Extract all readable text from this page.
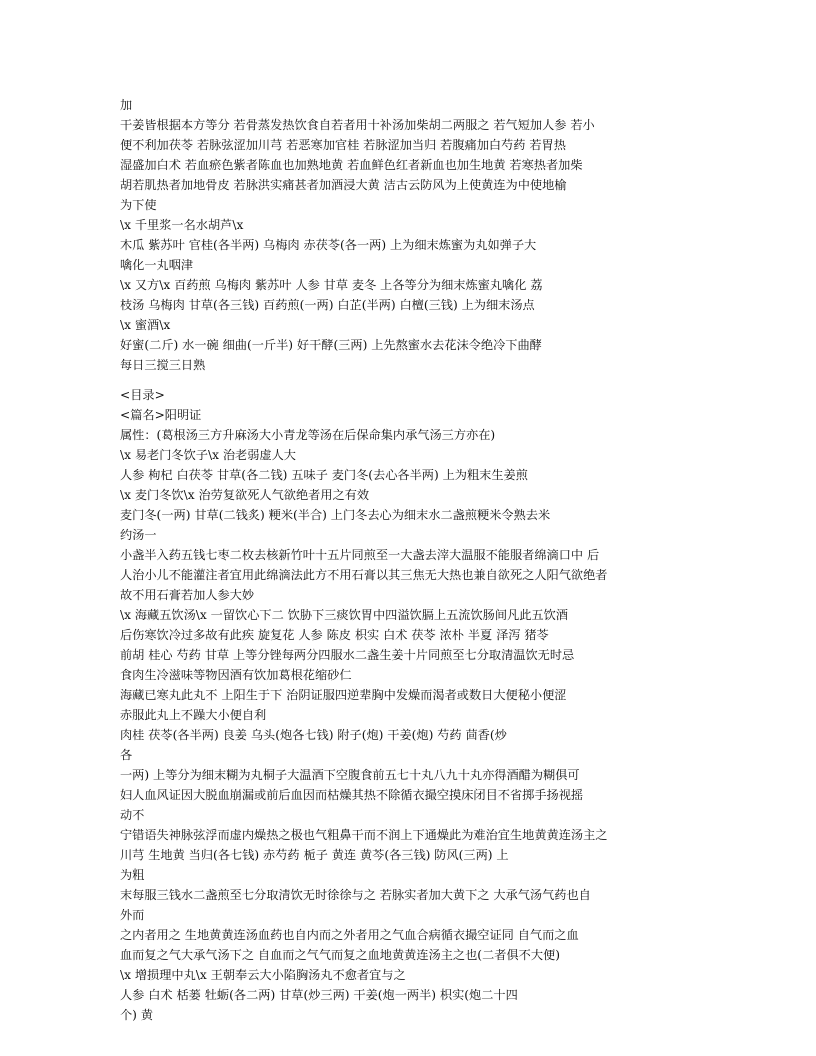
加
干姜皆根据本方等分 若骨蒸发热饮食自若者用十补汤加柴胡二两服之 若气短加人参 若小
便不利加茯苓 若脉弦涩加川芎 若恶寒加官桂 若脉涩加当归 若腹痛加白芍药 若胃热
湿盛加白术 若血瘀色紫者陈血也加熟地黄 若血鲜色红者新血也加生地黄 若寒热者加柴
胡若肌热者加地骨皮 若脉洪实痛甚者加酒浸大黄 洁古云防风为上使黄连为中使地榆
为下使
\x 千里浆一名水胡芦\x
木瓜 紫苏叶 官桂(各半两) 乌梅肉 赤茯苓(各一两) 上为细末炼蜜为丸如弹子大
噙化一丸咽津
\x 又方\x 百药煎 乌梅肉 紫苏叶 人参 甘草 麦冬 上各等分为细末炼蜜丸噙化 荔
枝汤 乌梅肉 甘草(各三钱) 百药煎(一两) 白芷(半两) 白檀(三钱) 上为细末汤点
\x 蜜酒\x
好蜜(二斤) 水一碗 细曲(一斤半) 好干酵(三两) 上先熬蜜水去花沫令绝冷下曲酵
每日三搅三日熟
<目录>
<篇名>阳明证
属性：(葛根汤三方升麻汤大小青龙等汤在后保命集内承气汤三方亦在)
\x 易老门冬饮子\x 治老弱虚人大
人参 枸杞 白茯苓 甘草(各二钱) 五味子 麦门冬(去心各半两) 上为粗末生姜煎
\x 麦门冬饮\x 治劳复欲死人气欲绝者用之有效
麦门冬(一两) 甘草(二钱炙) 粳米(半合) 上门冬去心为细末水二盏煎粳米令熟去米
约汤一
小盏半入药五钱七枣二枚去核新竹叶十五片同煎至一大盏去滓大温服不能服者绵滴口中 后
人治小儿不能灌注者宜用此绵滴法此方不用石膏以其三焦无大热也兼自欲死之人阳气欲绝者
故不用石膏若加人参大妙
\x 海藏五饮汤\x 一留饮心下二 饮胁下三痰饮胃中四溢饮膈上五流饮肠间凡此五饮酒
后伤寒饮冷过多故有此疾 旋复花 人参 陈皮 枳实 白术 茯苓 浓朴 半夏 泽泻 猪苓
前胡 桂心 芍药 甘草 上等分锉每两分四服水二盏生姜十片同煎至七分取清温饮无时忌
食肉生冷滋味等物因酒有饮加葛根花缩砂仁
海藏已寒丸此丸不 上阳生于下 治阴证服四逆辈胸中发燥而渴者或数日大便秘小便涩
赤服此丸上不躁大小便自利
肉桂 茯苓(各半两) 良姜 乌头(炮各七钱) 附子(炮) 干姜(炮) 芍药 茴香(炒
各
一两) 上等分为细末糊为丸桐子大温酒下空腹食前五七十丸八九十丸亦得酒醋为糊俱可
妇人血风证因大脱血崩漏或前后血因而枯燥其热不除循衣撮空摸床闭目不省掷手扬视摇
动不
宁错语失神脉弦浮而虚内燥热之极也气粗鼻干而不润上下通燥此为难治宜生地黄黄连汤主之
川芎 生地黄 当归(各七钱) 赤芍药 栀子 黄连 黄芩(各三钱) 防风(三两) 上
为粗
末每服三钱水二盏煎至七分取清饮无时徐徐与之 若脉实者加大黄下之 大承气汤气药也自
外而
之内者用之 生地黄黄连汤血药也自内而之外者用之气血合病循衣撮空证同 自气而之血
血而复之气大承气汤下之 自血而之气气而复之血地黄黄连汤主之也(二者俱不大便)
\x 增损理中丸\x 王朝奉云大小陷胸汤丸不愈者宜与之
人参 白术 栝蒌 牡蛎(各二两) 甘草(炒三两) 干姜(炮一两半) 枳实(炮二十四
个) 黄
